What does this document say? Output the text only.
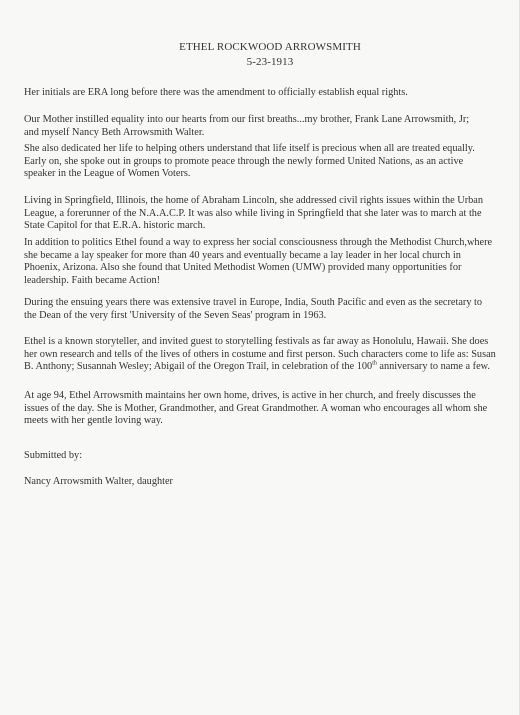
ETHEL ROCKWOOD ARROWSMITH
5-23-1913

Her initials are ERA long before there was the amendment to officially establish equal rights.

Our Mother instilled equality into our hearts from our first breaths...my brother, Frank Lane Arrowsmith, Jr; and myself Nancy Beth Arrowsmith Walter.

She also dedicated her life to helping others understand that life itself is precious when all are treated equally. Early on, she spoke out in groups to promote peace through the newly formed United Nations, as an active speaker in the League of Women Voters.

Living in Springfield, Illinois, the home of Abraham Lincoln, she addressed civil rights issues within the Urban League, a forerunner of the N.A.A.C.P. It was also while living in Springfield that she later was to march at the State Capitol for that E.R.A. historic march.

In addition to politics Ethel found a way to express her social consciousness through the Methodist Church,where she became a lay speaker for more than 40 years and eventually became a lay leader in her local church in Phoenix, Arizona. Also she found that United Methodist Women (UMW) provided many opportunities for leadership. Faith became Action!

During the ensuing years there was extensive travel in Europe, India, South Pacific and even as the secretary to the Dean of the very first 'University of the Seven Seas' program in 1963.

Ethel is a known storyteller, and invited guest to storytelling festivals as far away as Honolulu, Hawaii. She does her own research and tells of the lives of others in costume and first person. Such characters come to life as: Susan B. Anthony; Susannah Wesley; Abigail of the Oregon Trail, in celebration of the 100th anniversary to name a few.

At age 94, Ethel Arrowsmith maintains her own home, drives, is active in her church, and freely discusses the issues of the day. She is Mother, Grandmother, and Great Grandmother. A woman who encourages all whom she meets with her gentle loving way.

Submitted by:

Nancy Arrowsmith Walter, daughter
